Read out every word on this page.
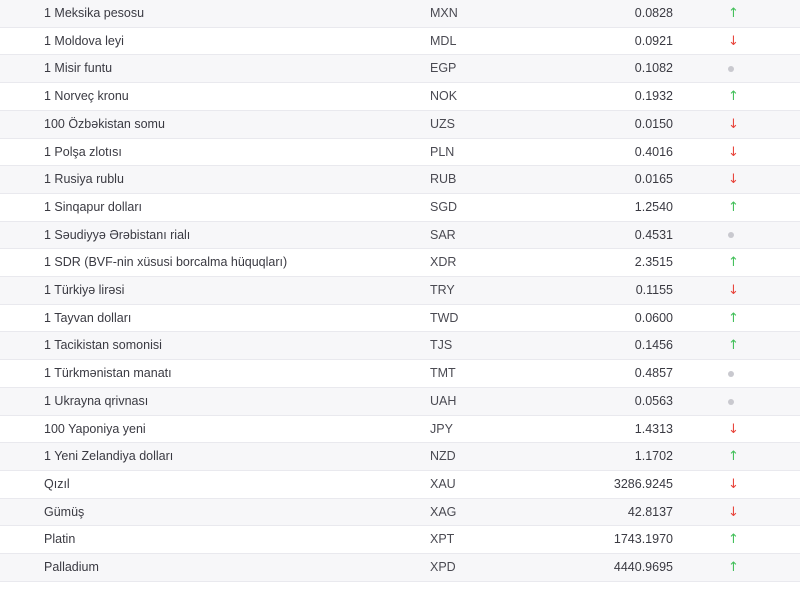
1 Meksika pesosu	MXN	0.0828	↑
1 Moldova leyi	MDL	0.0921	↓
1 Misir funtu	EGP	0.1082	
1 Norveç kronu	NOK	0.1932	↑
100 Özbəkistan somu	UZS	0.0150	↓
1 Polşa zlotısı	PLN	0.4016	↓
1 Rusiya rublu	RUB	0.0165	↓
1 Sinqapur dolları	SGD	1.2540	↑
1 Səudiyyə Ərəbistanı rialı	SAR	0.4531	
1 SDR (BVF-nin xüsusi borcalma hüquqları)	XDR	2.3515	↑
1 Türkiyə lirəsi	TRY	0.1155	↓
1 Tayvan dolları	TWD	0.0600	↑
1 Tacikistan somonisi	TJS	0.1456	↑
1 Türkmənistan manatı	TMT	0.4857	
1 Ukrayna qrivnası	UAH	0.0563	
100 Yaponiya yeni	JPY	1.4313	↓
1 Yeni Zelandiya dolları	NZD	1.1702	↑
Qızıl	XAU	3286.9245	↓
Gümüş	XAG	42.8137	↓
Platin	XPT	1743.1970	↑
Palladium	XPD	4440.9695	↑
